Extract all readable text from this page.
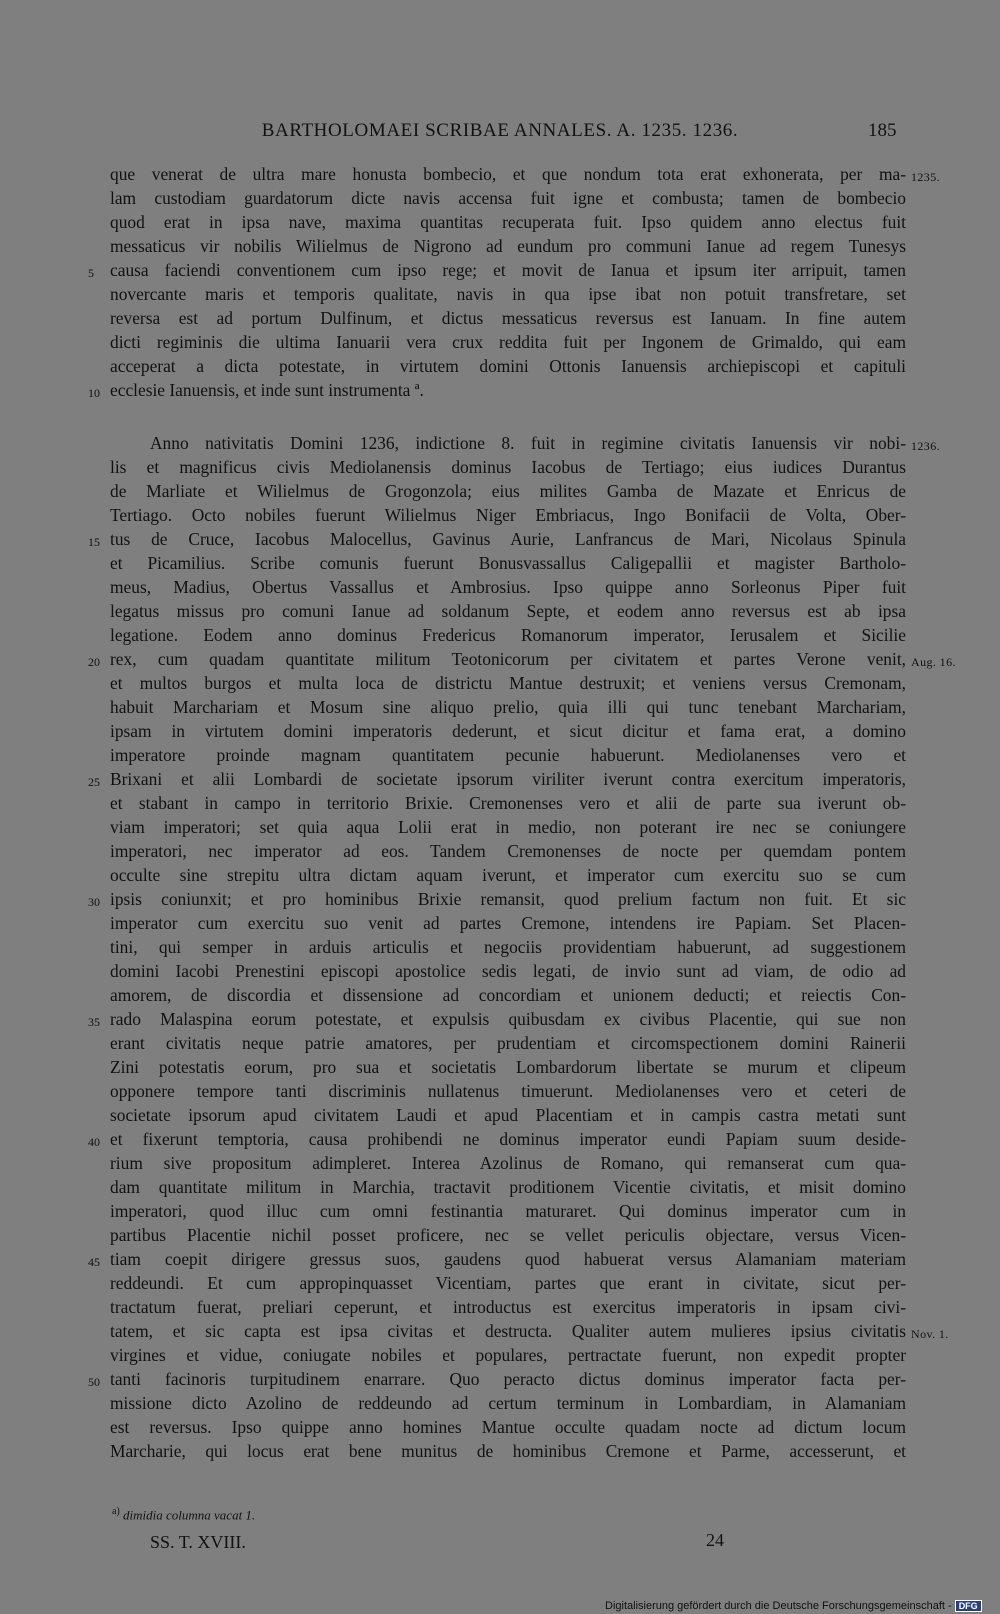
BARTHOLOMAEI SCRIBAE ANNALES. A. 1235. 1236.	185
que venerat de ultra mare honusta bombecio, et que nondum tota erat exhonerata, per ma-
lam custodiam guardatorum dicte navis accensa fuit igne et combusta; tamen de bombecio
quod erat in ipsa nave, maxima quantitas recuperata fuit. Ipso quidem anno electus fuit
messaticus vir nobilis Wilielmus de Nigrono ad eundum pro communi Ianue ad regem Tunesys
causa faciendi conventionem cum ipso rege; et movit de Ianua et ipsum iter arripuit, tamen
novercante maris et temporis qualitate, navis in qua ipse ibat non potuit transfretare, set
reversa est ad portum Dulfinum, et dictus messaticus reversus est Ianuam. In fine autem
dicti regiminis die ultima Ianuarii vera crux reddita fuit per Ingonem de Grimaldo, qui eam
acceperat a dicta potestate, in virtutem domini Ottonis Ianuensis archiepiscopi et capituli
ecclesie Ianuensis, et inde sunt instrumenta ª.
Anno nativitatis Domini 1236, indictione 8. fuit in regimine civitatis Ianuensis vir nobi-
lis et magnificus civis Mediolanensis dominus Iacobus de Tertiago; eius iudices Durantus
de Marliate et Wilielmus de Grogonzola; eius milites Gamba de Mazate et Enricus de
Tertiago. Octo nobiles fuerunt Wilielmus Niger Embriacus, Ingo Bonifacii de Volta, Ober-
tus de Cruce, Iacobus Malocellus, Gavinus Aurie, Lanfrancus de Mari, Nicolaus Spinula
et Picamilius. Scribe comunis fuerunt Bonusvassallus Caligepallii et magister Bartholo-
meus, Madius, Obertus Vassallus et Ambrosius. Ipso quippe anno Sorleonus Piper fuit
legatus missus pro comuni Ianue ad soldanum Septe, et eodem anno reversus est ab ipsa
legatione. Eodem anno dominus Fredericus Romanorum imperator, Ierusalem et Sicilie
rex, cum quadam quantitate militum Teotonicorum per civitatem et partes Verone venit,
et multos burgos et multa loca de districtu Mantue destruxit; et veniens versus Cremonam,
habuit Marchariam et Mosum sine aliquo prelio, quia illi qui tunc tenebant Marchariam,
ipsam in virtutem domini imperatoris dederunt, et sicut dicitur et fama erat, a domino
imperatore proinde magnam quantitatem pecunie habuerunt. Mediolanenses vero et
Brixani et alii Lombardi de societate ipsorum viriliter iverunt contra exercitum imperatoris,
et stabant in campo in territorio Brixie. Cremonenses vero et alii de parte sua iverunt ob-
viam imperatori; set quia aqua Lolii erat in medio, non poterant ire nec se coniungere
imperatori, nec imperator ad eos. Tandem Cremonenses de nocte per quemdam pontem
occulte sine strepitu ultra dictam aquam iverunt, et imperator cum exercitu suo se cum
ipsis coniunxit; et pro hominibus Brixie remansit, quod prelium factum non fuit. Et sic
imperator cum exercitu suo venit ad partes Cremone, intendens ire Papiam. Set Placen-
tini, qui semper in arduis articulis et negociis providentiam habuerunt, ad suggestionem
domini Iacobi Prenestini episcopi apostolice sedis legati, de invio sunt ad viam, de odio ad
amorem, de discordia et dissensione ad concordiam et unionem deducti; et reiectis Con-
rado Malaspina eorum potestate, et expulsis quibusdam ex civibus Placentie, qui sue non
erant civitatis neque patrie amatores, per prudentiam et circomspectionem domini Rainerii
Zini potestatis eorum, pro sua et societatis Lombardorum libertate se murum et clipeum
opponere tempore tanti discriminis nullatenus timuerunt. Mediolanenses vero et ceteri de
societate ipsorum apud civitatem Laudi et apud Placentiam et in campis castra metati sunt
et fixerunt temptoria, causa prohibendi ne dominus imperator eundi Papiam suum deside-
rium sive propositum adimpleret. Interea Azolinus de Romano, qui remanserat cum qua-
dam quantitate militum in Marchia, tractavit proditionem Vicentie civitatis, et misit domino
imperatori, quod illuc cum omni festinantia maturaret. Qui dominus imperator cum in
partibus Placentie nichil posset proficere, nec se vellet periculis objectare, versus Vicen-
tiam coepit dirigere gressus suos, gaudens quod habuerat versus Alamaniam materiam
reddeundi. Et cum appropinquasset Vicentiam, partes que erant in civitate, sicut per-
tractatum fuerat, preliari ceperunt, et introductus est exercitus imperatoris in ipsam civi-
tatem, et sic capta est ipsa civitas et destructa. Qualiter autem mulieres ipsius civitatis
virgines et vidue, coniugate nobiles et populares, pertractate fuerunt, non expedit propter
tanti facinoris turpitudinem enarrare. Quo peracto dictus dominus imperator facta per-
missione dicto Azolino de reddeundo ad certum terminum in Lombardiam, in Alamaniam
est reversus. Ipso quippe anno homines Mantue occulte quadam nocte ad dictum locum
Marcharie, qui locus erat bene munitus de hominibus Cremone et Parme, accesserunt, et
5
10
15
20
25
30
35
40
45
50
1235.
1236.
Aug. 16.
Nov. 1.
$^{a)}$ dimidia columna vacat 1.
SS. T. XVIII.	24
Digitalisierung gefördert durch die Deutsche Forschungsgemeinschaft - DFG
